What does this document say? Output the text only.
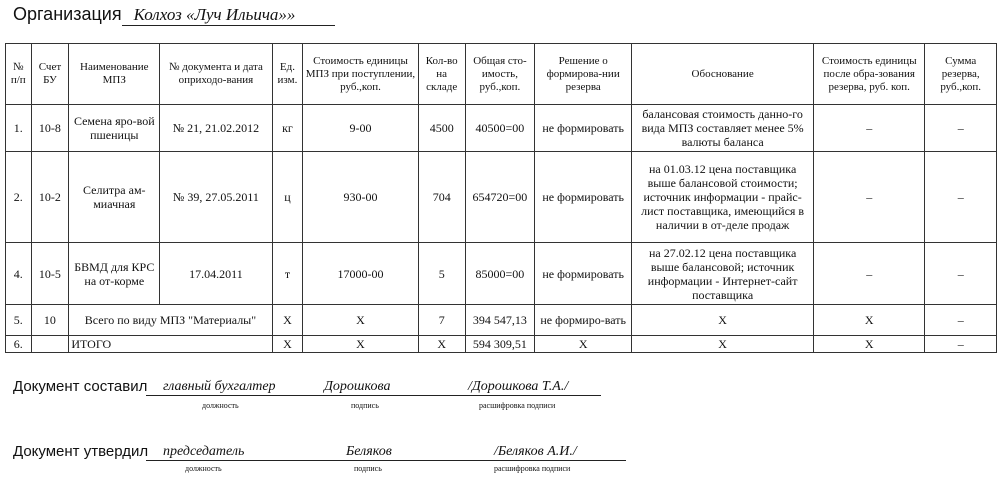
Организация Колхоз «Луч Ильича»»
№ п/п	Счет БУ	Наименование МПЗ	№ документа и дата оприходо-вания	Ед. изм.	Стоимость единицы МПЗ при поступлении, руб.,коп.	Кол-во на складе	Общая сто-имость, руб.,коп.	Решение о формирова-нии резерва	Обоснование	Стоимость единицы после обра-зования резерва, руб. коп.	Сумма резерва, руб.,коп.
1.	10-8	Семена яро-вой пшеницы	№ 21, 21.02.2012	кг	9-00	4500	40500=00	не формировать	балансовая стоимость данно-го вида МПЗ составляет менее 5% валюты баланса	–	–
2.	10-2	Селитра ам-миачная	№ 39, 27.05.2011	ц	930-00	704	654720=00	не формировать	на 01.03.12 цена поставщика выше балансовой стоимости; источник информации - прайс-лист поставщика, имеющийся в наличии в от-деле продаж	–	–
4.	10-5	БВМД для КРС на от-корме	17.04.2011	т	17000-00	5	85000=00	не формировать	на 27.02.12 цена поставщика выше балансовой; источник информации - Интернет-сайт поставщика	–	–
5.	10	Всего по виду МПЗ "Материалы"		X	X	7	394 547,13	не формиро-вать	X	X	–
6.		ИТОГО		X	X	X	594 309,51	X	X	X	–
Документ составил главный бухгалтер	Дорошкова	/Дорошкова Т.А./
должность	подпись	расшифровка подписи
Документ утвердил председатель	Беляков	/Беляков А.И./
должность	подпись	расшифровка подписи
